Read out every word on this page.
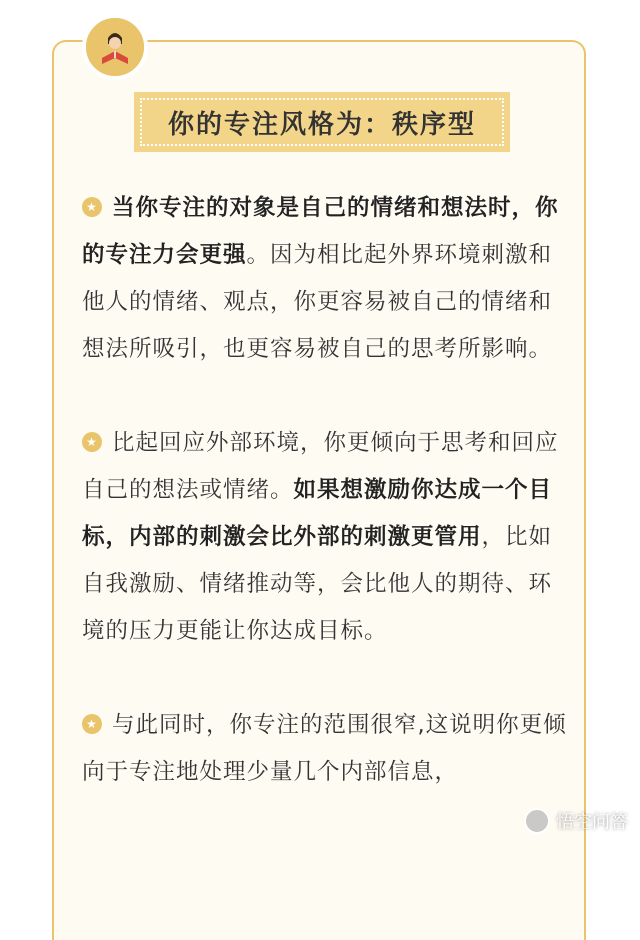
你的专注风格为：秩序型

★当你专注的对象是自己的情绪和想法时，你的专注力会更强。因为相比起外界环境刺激和他人的情绪、观点，你更容易被自己的情绪和想法所吸引，也更容易被自己的思考所影响。

★比起回应外部环境，你更倾向于思考和回应自己的想法或情绪。如果想激励你达成一个目标，内部的刺激会比外部的刺激更管用，比如自我激励、情绪推动等，会比他人的期待、环境的压力更能让你达成目标。

★与此同时，你专注的范围很窄,这说明你更倾向于专注地处理少量几个内部信息，

悟空问答
